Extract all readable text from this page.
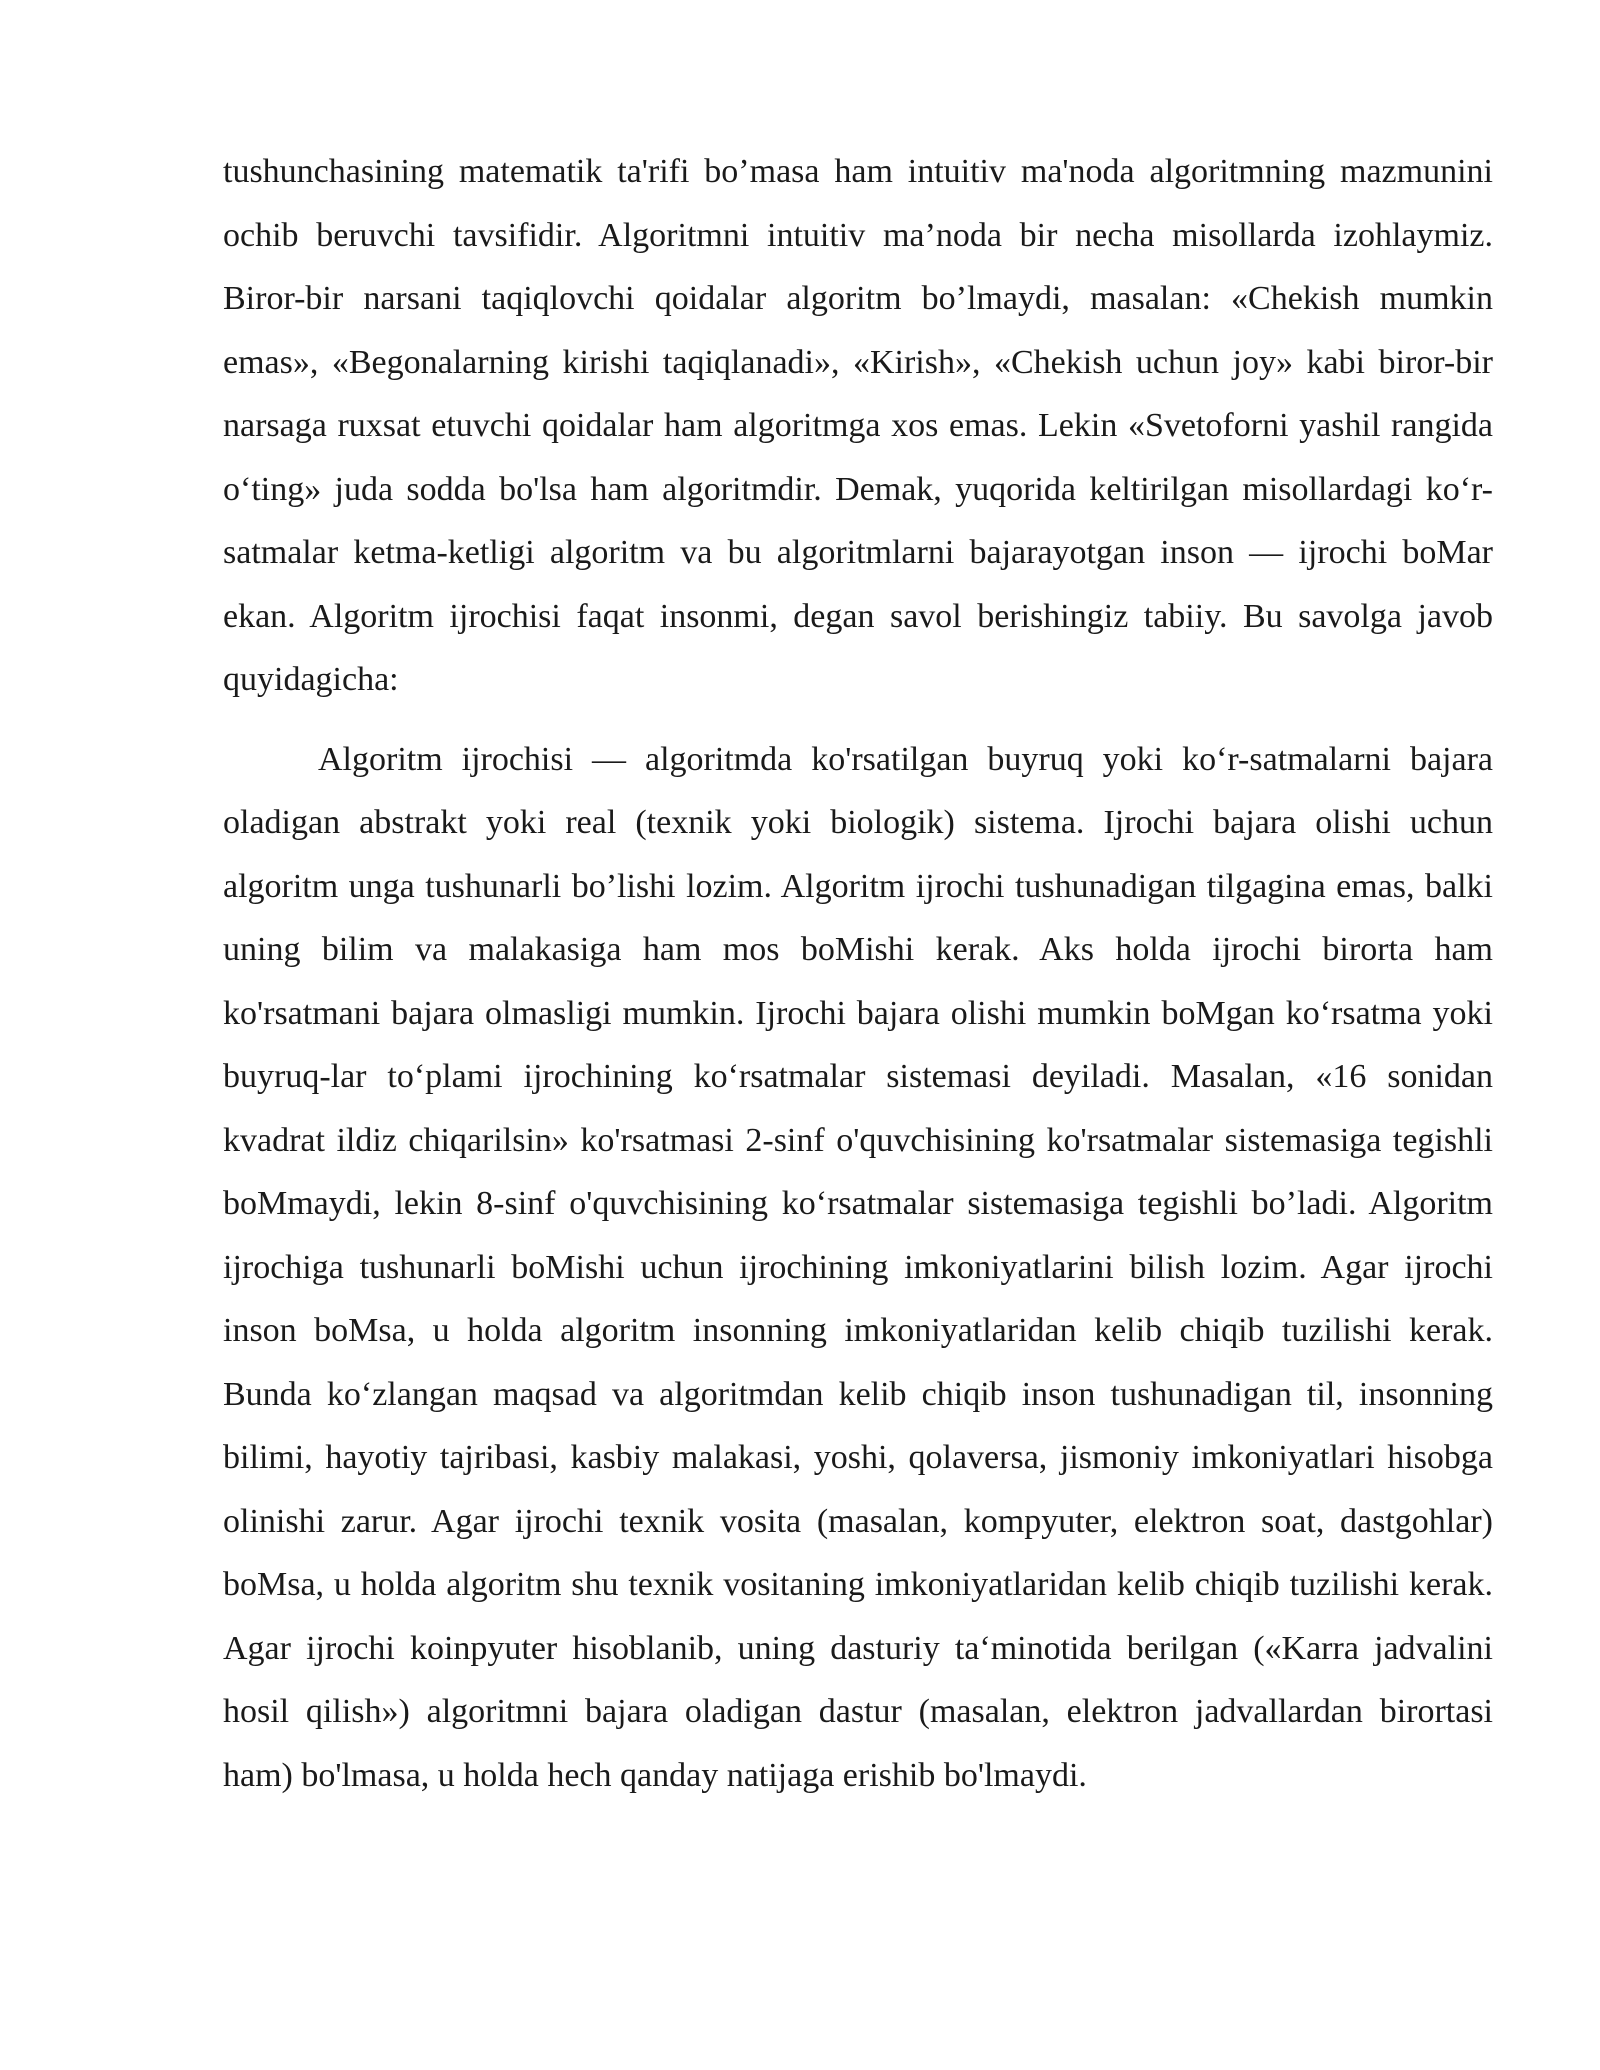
tushunchasining matematik ta'rifi bo’masa ham intuitiv ma'noda algoritmning mazmunini ochib beruvchi tavsifidir. Algoritmni intuitiv ma’noda bir necha misollarda izohlaymiz. Biror-bir narsani taqiqlovchi qoidalar algoritm bo’lmaydi, masalan: «Chekish mumkin emas», «Begonalarning kirishi taqiqlanadi», «Kirish», «Chekish uchun joy» kabi biror-bir narsaga ruxsat etuvchi qoidalar ham algoritmga xos emas. Lekin «Svetoforni yashil rangida o‘ting» juda sodda bo'lsa ham algoritmdir. Demak, yuqorida keltirilgan misollardagi ko‘r-satmalar ketma-ketligi algoritm va bu algoritmlarni bajarayotgan inson — ijrochi boMar ekan. Algoritm ijrochisi faqat insonmi, degan savol berishingiz tabiiy. Bu savolga javob quyidagicha:

Algoritm ijrochisi — algoritmda ko'rsatilgan buyruq yoki ko‘r-satmalarni bajara oladigan abstrakt yoki real (texnik yoki biologik) sistema. Ijrochi bajara olishi uchun algoritm unga tushunarli bo’lishi lozim. Algoritm ijrochi tushunadigan tilgagina emas, balki uning bilim va malakasiga ham mos boMishi kerak. Aks holda ijrochi birorta ham ko'rsatmani bajara olmasligi mumkin. Ijrochi bajara olishi mumkin boMgan ko‘rsatma yoki buyruq-lar to‘plami ijrochining ko‘rsatmalar sistemasi deyiladi. Masalan, «16 sonidan kvadrat ildiz chiqarilsin» ko'rsatmasi 2-sinf o'quvchisining ko'rsatmalar sistemasiga tegishli boMmaydi, lekin 8-sinf o'quvchisining ko‘rsatmalar sistemasiga tegishli bo’ladi. Algoritm ijrochiga tushunarli boMishi uchun ijrochining imkoniyatlarini bilish lozim. Agar ijrochi inson boMsa, u holda algoritm insonning imkoniyatlaridan kelib chiqib tuzilishi kerak. Bunda ko‘zlangan maqsad va algoritmdan kelib chiqib inson tushunadigan til, insonning bilimi, hayotiy tajribasi, kasbiy malakasi, yoshi, qolaversa, jismoniy imkoniyatlari hisobga olinishi zarur. Agar ijrochi texnik vosita (masalan, kompyuter, elektron soat, dastgohlar) boMsa, u holda algoritm shu texnik vositaning imkoniyatlaridan kelib chiqib tuzilishi kerak. Agar ijrochi koinpyuter hisoblanib, uning dasturiy ta‘minotida berilgan («Karra jadvalini hosil qilish») algoritmni bajara oladigan dastur (masalan, elektron jadvallardan birortasi ham) bo'lmasa, u holda hech qanday natijaga erishib bo'lmaydi.
